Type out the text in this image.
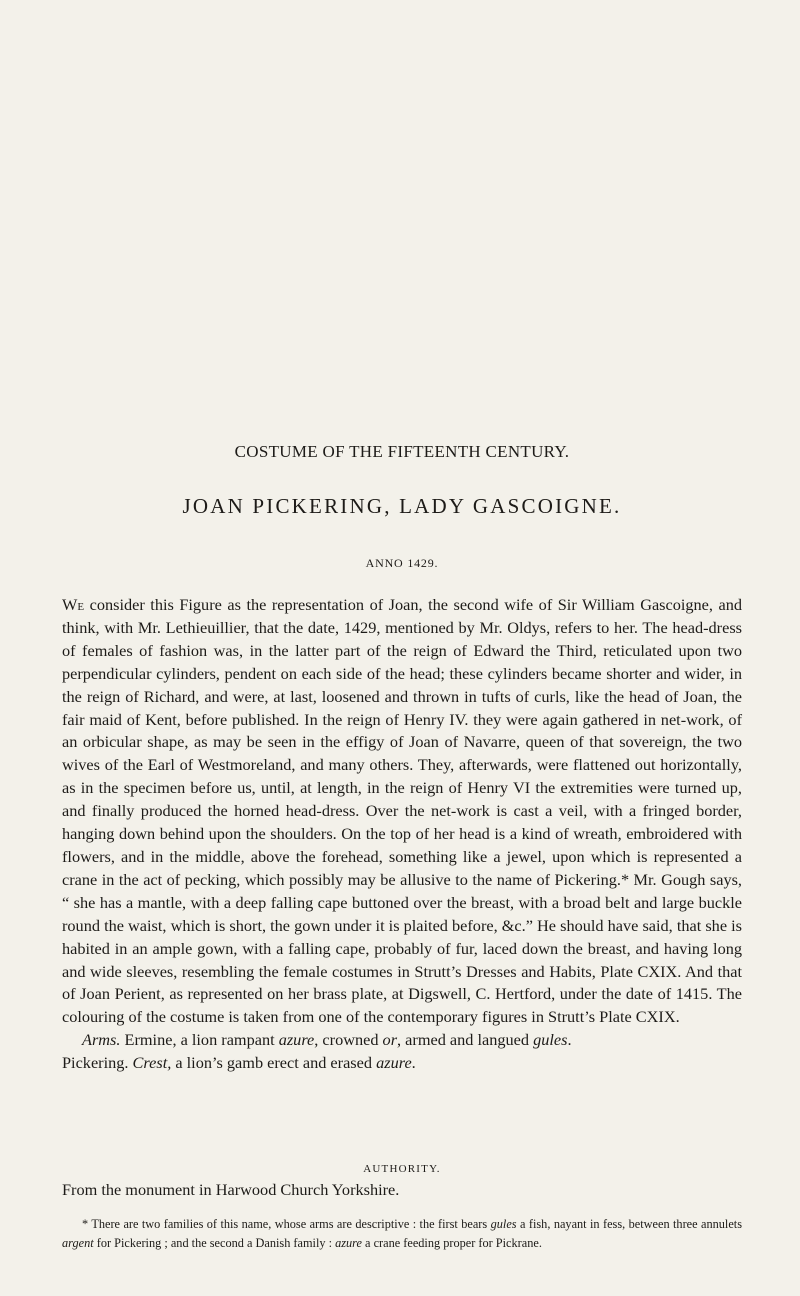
COSTUME OF THE FIFTEENTH CENTURY.
JOAN PICKERING, LADY GASCOIGNE.
ANNO 1429.

We consider this Figure as the representation of Joan, the second wife of Sir William Gascoigne, and think, with Mr. Lethieuillier, that the date, 1429, mentioned by Mr. Oldys, refers to her. The head-dress of females of fashion was, in the latter part of the reign of Edward the Third, reticulated upon two perpendicular cylinders, pendent on each side of the head; these cylinders became shorter and wider, in the reign of Richard, and were, at last, loosened and thrown in tufts of curls, like the head of Joan, the fair maid of Kent, before published. In the reign of Henry IV. they were again gathered in net-work, of an orbicular shape, as may be seen in the effigy of Joan of Navarre, queen of that sovereign, the two wives of the Earl of Westmoreland, and many others. They, afterwards, were flattened out horizontally, as in the specimen before us, until, at length, in the reign of Henry VI the extremities were turned up, and finally produced the horned head-dress. Over the net-work is cast a veil, with a fringed border, hanging down behind upon the shoulders. On the top of her head is a kind of wreath, embroidered with flowers, and in the middle, above the forehead, something like a jewel, upon which is represented a crane in the act of pecking, which possibly may be allusive to the name of Pickering.* Mr. Gough says, “ she has a mantle, with a deep falling cape buttoned over the breast, with a broad belt and large buckle round the waist, which is short, the gown under it is plaited before, &c.” He should have said, that she is habited in an ample gown, with a falling cape, probably of fur, laced down the breast, and having long and wide sleeves, resembling the female costumes in Strutt’s Dresses and Habits, Plate CXIX. And that of Joan Perient, as represented on her brass plate, at Digswell, C. Hertford, under the date of 1415. The colouring of the costume is taken from one of the contemporary figures in Strutt’s Plate CXIX.

Arms. Ermine, a lion rampant azure, crowned or, armed and langued gules.
Pickering. Crest, a lion’s gamb erect and erased azure.

AUTHORITY.
From the monument in Harwood Church Yorkshire.
* There are two families of this name, whose arms are descriptive : the first bears gules a fish, nayant in fess, between three annulets argent for Pickering ; and the second a Danish family : azure a crane feeding proper for Pickrane.
